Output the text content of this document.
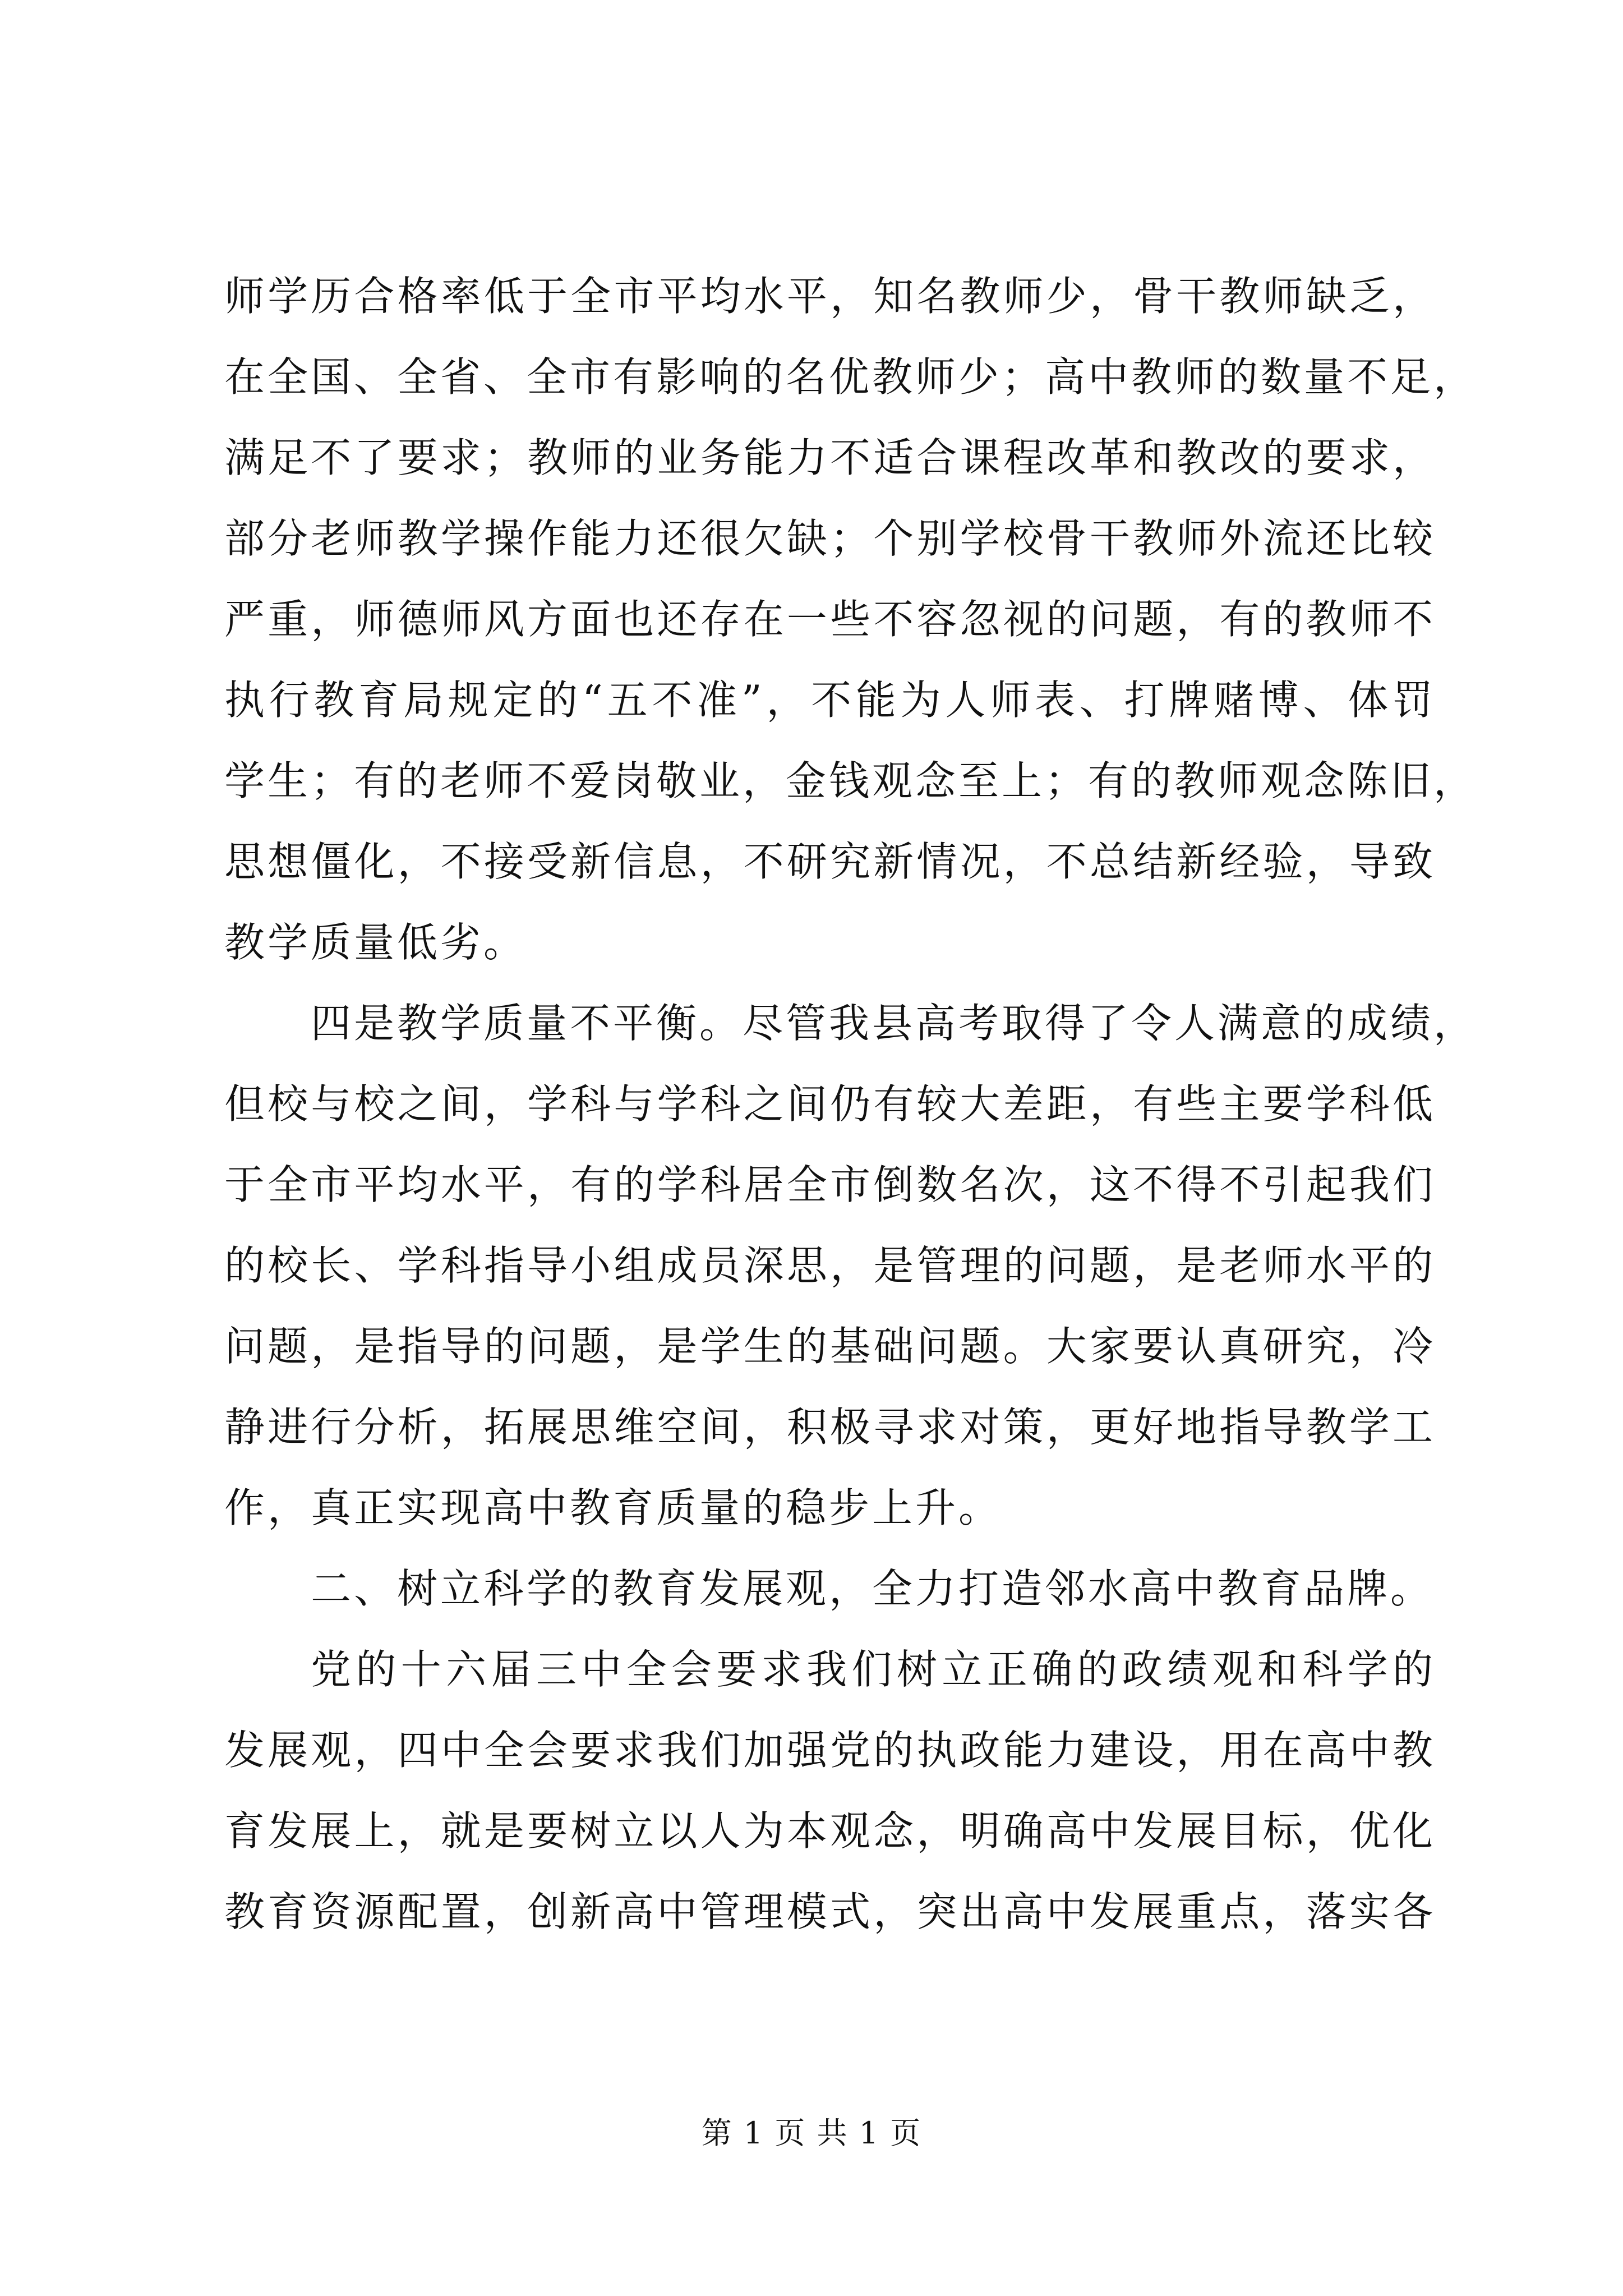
师学历合格率低于全市平均水平，知名教师少，骨干教师缺乏，
在全国、全省、全市有影响的名优教师少；高中教师的数量不足，
满足不了要求；教师的业务能力不适合课程改革和教改的要求，
部分老师教学操作能力还很欠缺；个别学校骨干教师外流还比较
严重，师德师风方面也还存在一些不容忽视的问题，有的教师不
执行教育局规定的“五不准”，不能为人师表、打牌赌博、体罚
学生；有的老师不爱岗敬业，金钱观念至上；有的教师观念陈旧，
思想僵化，不接受新信息，不研究新情况，不总结新经验，导致
教学质量低劣。
四是教学质量不平衡。尽管我县高考取得了令人满意的成绩，
但校与校之间，学科与学科之间仍有较大差距，有些主要学科低
于全市平均水平，有的学科居全市倒数名次，这不得不引起我们
的校长、学科指导小组成员深思，是管理的问题，是老师水平的
问题，是指导的问题，是学生的基础问题。大家要认真研究，冷
静进行分析，拓展思维空间，积极寻求对策，更好地指导教学工
作，真正实现高中教育质量的稳步上升。
二、树立科学的教育发展观，全力打造邻水高中教育品牌。
党的十六届三中全会要求我们树立正确的政绩观和科学的
发展观，四中全会要求我们加强党的执政能力建设，用在高中教
育发展上，就是要树立以人为本观念，明确高中发展目标，优化
教育资源配置，创新高中管理模式，突出高中发展重点，落实各
第 1 页 共 1 页
